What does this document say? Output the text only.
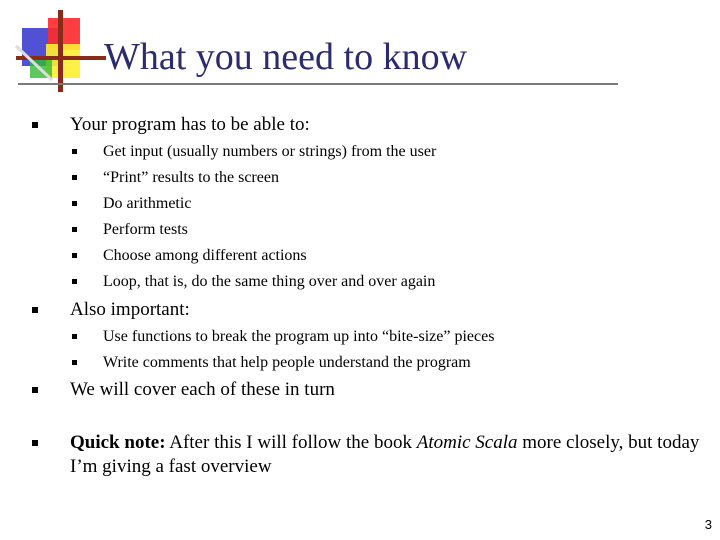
What you need to know
Your program has to be able to:
Get input (usually numbers or strings) from the user
“Print” results to the screen
Do arithmetic
Perform tests
Choose among different actions
Loop, that is, do the same thing over and over again
Also important:
Use functions to break the program up into “bite-size” pieces
Write comments that help people understand the program
We will cover each of these in turn
Quick note: After this I will follow the book Atomic Scala more closely, but today I’m giving a fast overview
3
